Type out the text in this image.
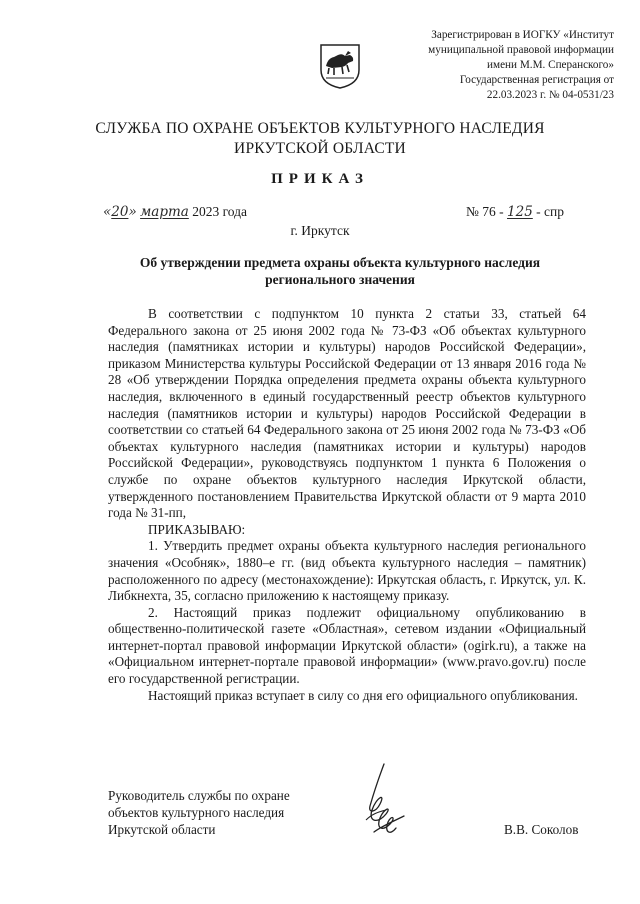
Зарегистрирован в ИОГКУ «Институт
муниципальной правовой информации
имени М.М. Сперанского»
Государственная регистрация от
22.03.2023 г. № 04-0531/23
СЛУЖБА ПО ОХРАНЕ ОБЪЕКТОВ КУЛЬТУРНОГО НАСЛЕДИЯ
ИРКУТСКОЙ ОБЛАСТИ
ПРИКАЗ
«20» марта 2023 года	№ 76 - 125 - спр
г. Иркутск
Об утверждении предмета охраны объекта культурного наследия
регионального значения

В соответствии с подпунктом 10 пункта 2 статьи 33, статьей 64 Федерального закона от 25 июня 2002 года № 73-ФЗ «Об объектах культурного наследия (памятниках истории и культуры) народов Российской Федерации», приказом Министерства культуры Российской Федерации от 13 января 2016 года № 28 «Об утверждении Порядка определения предмета охраны объекта культурного наследия, включенного в единый государственный реестр объектов культурного наследия (памятников истории и культуры) народов Российской Федерации в соответствии со статьей 64 Федерального закона от 25 июня 2002 года № 73-ФЗ «Об объектах культурного наследия (памятниках истории и культуры) народов Российской Федерации», руководствуясь подпунктом 1 пункта 6 Положения о службе по охране объектов культурного наследия Иркутской области, утвержденного постановлением Правительства Иркутской области от 9 марта 2010 года № 31-пп,

ПРИКАЗЫВАЮ:

1. Утвердить предмет охраны объекта культурного наследия регионального значения «Особняк», 1880–е гг. (вид объекта культурного наследия – памятник) расположенного по адресу (местонахождение): Иркутская область, г. Иркутск, ул. К. Либкнехта, 35, согласно приложению к настоящему приказу.

2. Настоящий приказ подлежит официальному опубликованию в общественно-политической газете «Областная», сетевом издании «Официальный интернет-портал правовой информации Иркутской области» (ogirk.ru), а также на «Официальном интернет-портале правовой информации» (www.pravo.gov.ru) после его государственной регистрации.

Настоящий приказ вступает в силу со дня его официального опубликования.

Руководитель службы по охране
объектов культурного наследия
Иркутской области	В.В. Соколов
